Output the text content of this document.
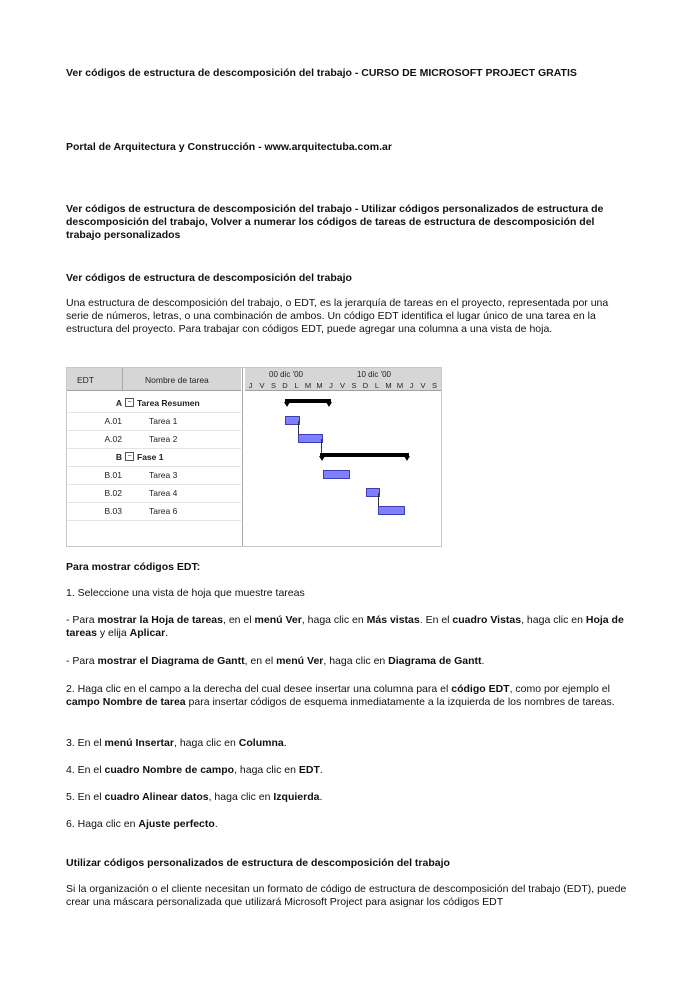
Ver códigos de estructura de descomposición del trabajo - CURSO DE MICROSOFT PROJECT GRATIS

Portal de Arquitectura y Construcción - www.arquitectuba.com.ar

Ver códigos de estructura de descomposición del trabajo - Utilizar códigos personalizados de estructura de descomposición del trabajo, Volver a numerar los códigos de tareas de estructura de descomposición del trabajo personalizados

Ver códigos de estructura de descomposición del trabajo

Una estructura de descomposición del trabajo, o EDT, es la jerarquía de tareas en el proyecto, representada por una serie de números, letras, o una combinación de ambos. Un código EDT identifica el lugar único de una tarea en la estructura del proyecto. Para trabajar con códigos EDT, puede agregar una columna a una vista de hoja.

Para mostrar códigos EDT:

1. Seleccione una vista de hoja que muestre tareas

- Para mostrar la Hoja de tareas, en el menú Ver, haga clic en Más vistas. En el cuadro Vistas, haga clic en Hoja de tareas y elija Aplicar.

- Para mostrar el Diagrama de Gantt, en el menú Ver, haga clic en Diagrama de Gantt.

2. Haga clic en el campo a la derecha del cual desee insertar una columna para el código EDT, como por ejemplo el campo Nombre de tarea para insertar códigos de esquema inmediatamente a la izquierda de los nombres de tareas.

3. En el menú Insertar, haga clic en Columna.

4. En el cuadro Nombre de campo, haga clic en EDT.

5. En el cuadro Alinear datos, haga clic en Izquierda.

6. Haga clic en Ajuste perfecto.

Utilizar códigos personalizados de estructura de descomposición del trabajo

Si la organización o el cliente necesitan un formato de código de estructura de descomposición del trabajo (EDT), puede crear una máscara personalizada que utilizará Microsoft Project para asignar los códigos EDT

EDT	Nombre de tarea
A − Tarea Resumen
A.01	Tarea 1
A.02	Tarea 2
B − Fase 1
B.01	Tarea 3
B.02	Tarea 4
B.03	Tarea 6
00 dic '00	10 dic '00
J V S D L M M J V S D L M M J V S
